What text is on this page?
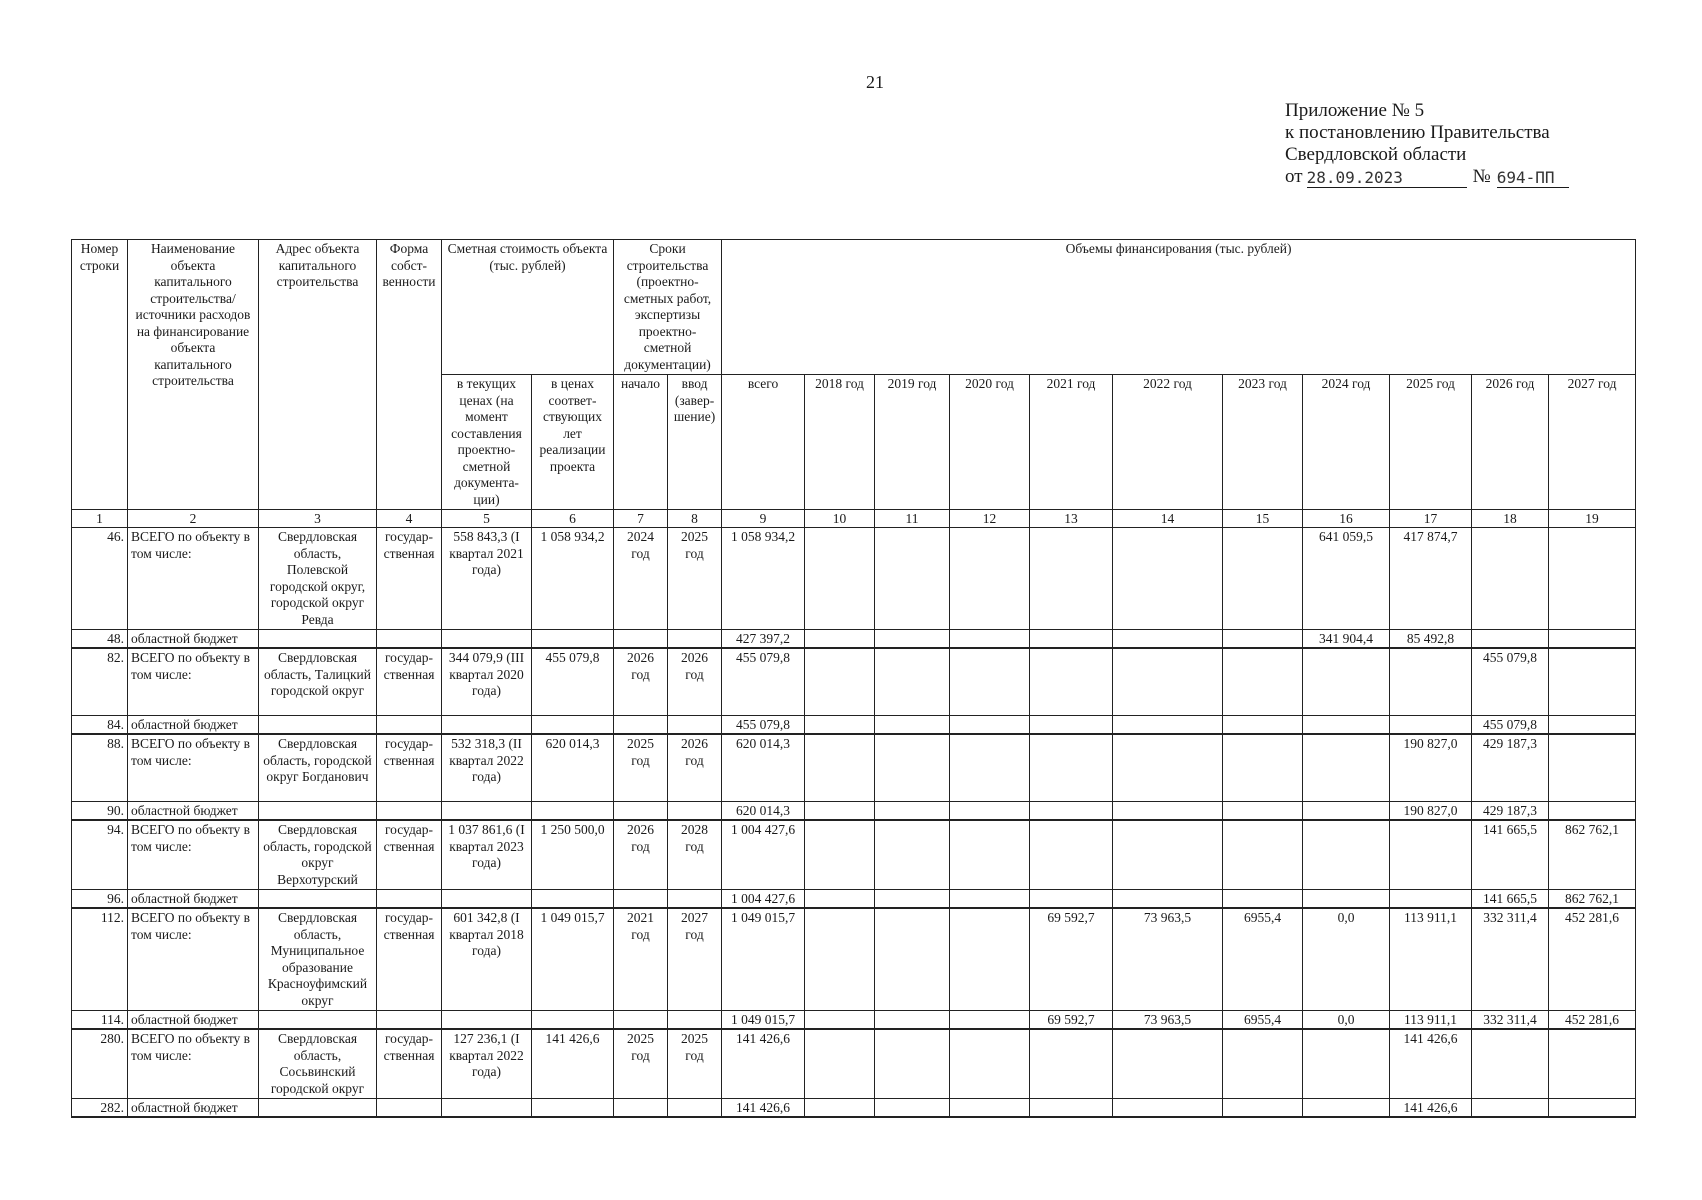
21
Приложение № 5
к постановлению Правительства
Свердловской области
от 28.09.2023	№ 694-ПП
Номер строки	Наименование объекта капитального строительства/ источники расходов на финансирование объекта капитального строительства	Адрес объекта капитального строительства	Форма собст-венности	Сметная стоимость объекта (тыс. рублей)		Сроки строительства (проектно-сметных работ, экспертизы проектно-сметной документации)		Объемы финансирования (тыс. рублей)										
				в текущих ценах (на момент составления проектно-сметной документа-ции)	в ценах соответ-ствующих лет реализации проекта	начало	ввод (завер-шение)	всего	2018 год	2019 год	2020 год	2021 год	2022 год	2023 год	2024 год	2025 год	2026 год	2027 год
1	2	3	4	5	6	7	8	9	10	11	12	13	14	15	16	17	18	19
46.	ВСЕГО по объекту в том числе:	Свердловская область, Полевской городской округ, городской округ Ревда	государ-ственная	558 843,3 (I квартал 2021 года)	1 058 934,2	2024 год	2025 год	1 058 934,2							641 059,5	417 874,7		
48.	областной бюджет							427 397,2							341 904,4	85 492,8		
82.	ВСЕГО по объекту в том числе:	Свердловская область, Талицкий городской округ	государ-ственная	344 079,9 (III квартал 2020 года)	455 079,8	2026 год	2026 год	455 079,8									455 079,8	
84.	областной бюджет							455 079,8									455 079,8	
88.	ВСЕГО по объекту в том числе:	Свердловская область, городской округ Богданович	государ-ственная	532 318,3 (II квартал 2022 года)	620 014,3	2025 год	2026 год	620 014,3								190 827,0	429 187,3	
90.	областной бюджет							620 014,3								190 827,0	429 187,3	
94.	ВСЕГО по объекту в том числе:	Свердловская область, городской округ Верхотурский	государ-ственная	1 037 861,6 (I квартал 2023 года)	1 250 500,0	2026 год	2028 год	1 004 427,6									141 665,5	862 762,1
96.	областной бюджет							1 004 427,6									141 665,5	862 762,1
112.	ВСЕГО по объекту в том числе:	Свердловская область, Муниципальное образование Красноуфимский округ	государ-ственная	601 342,8 (I квартал 2018 года)	1 049 015,7	2021 год	2027 год	1 049 015,7				69 592,7	73 963,5	6955,4	0,0	113 911,1	332 311,4	452 281,6
114.	областной бюджет							1 049 015,7				69 592,7	73 963,5	6955,4	0,0	113 911,1	332 311,4	452 281,6
280.	ВСЕГО по объекту в том числе:	Свердловская область, Сосьвинский городской округ	государ-ственная	127 236,1 (I квартал 2022 года)	141 426,6	2025 год	2025 год	141 426,6								141 426,6		
282.	областной бюджет							141 426,6								141 426,6		
